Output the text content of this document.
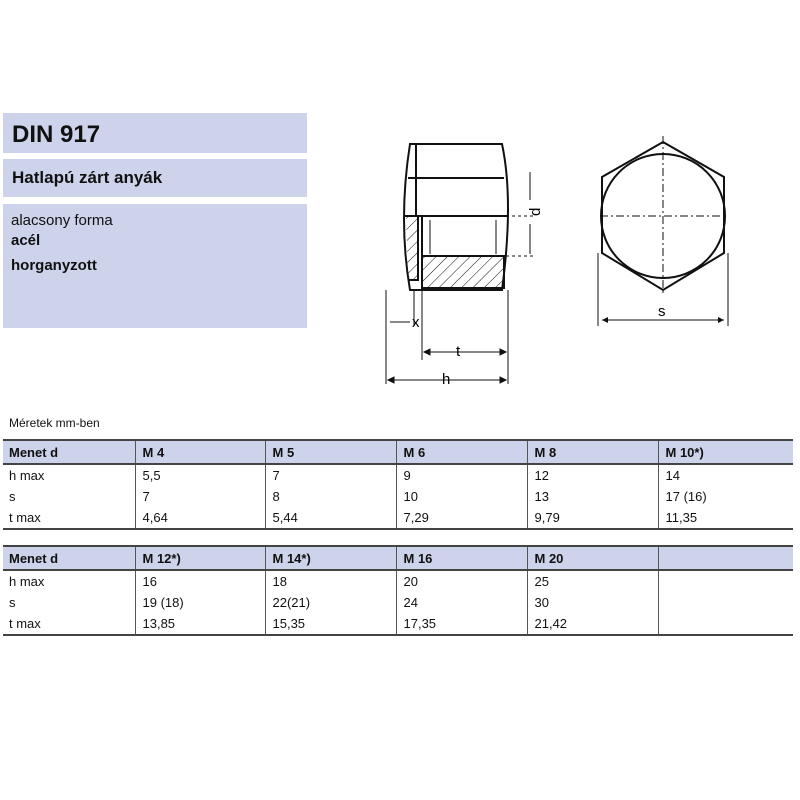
DIN 917
Hatlapú zárt anyák
alacsony forma
acél
horganyzott
d
x
t
h
s
Méretek mm-ben
Menet d	M 4	M 5	M 6	M 8	M 10*)
h max	5,5	7	9	12	14
s	7	8	10	13	17 (16)
t max	4,64	5,44	7,29	9,79	11,35
Menet d	M 12*)	M 14*)	M 16	M 20	
h max	16	18	20	25	
s	19 (18)	22(21)	24	30	
t max	13,85	15,35	17,35	21,42	
